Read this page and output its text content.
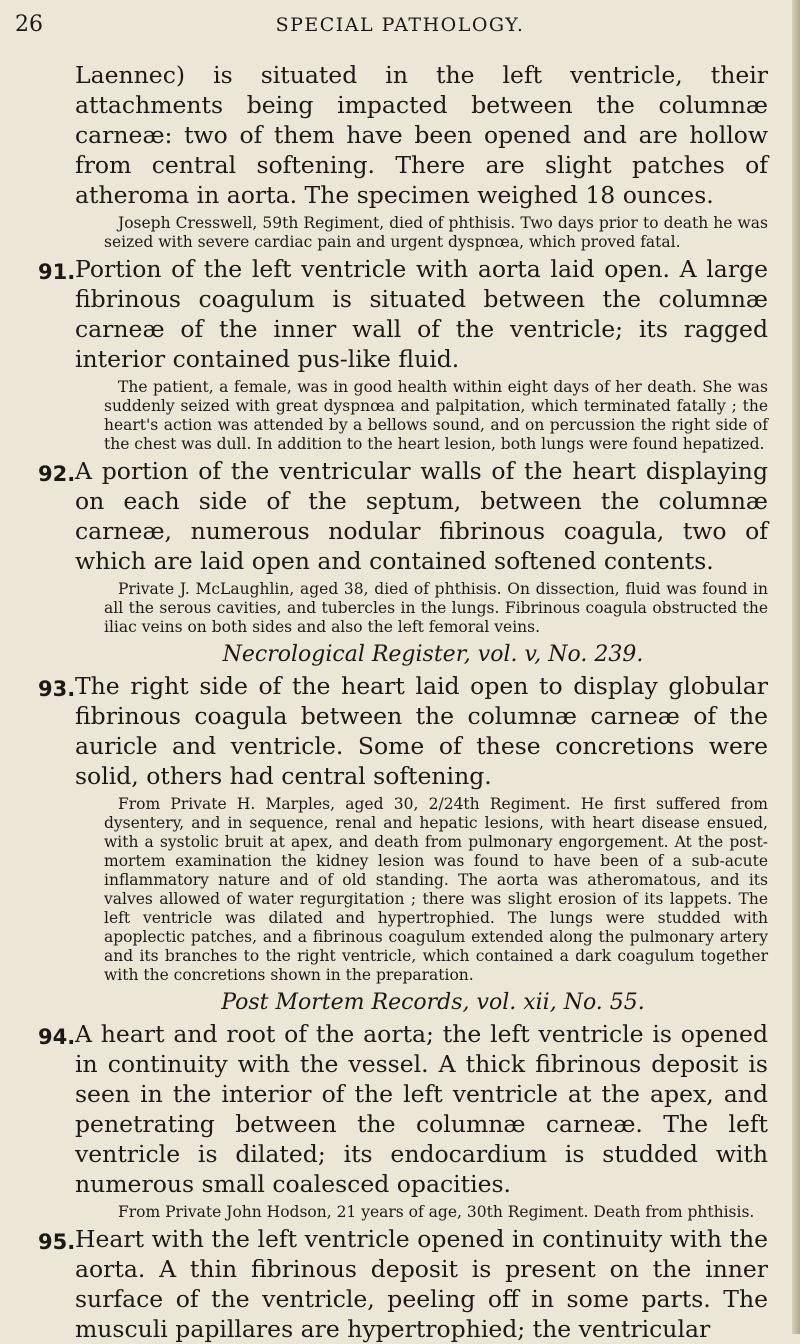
26	SPECIAL PATHOLOGY.

Laennec) is situated in the left ventricle, their attachments being impacted between the columnæ carneæ: two of them have been opened and are hollow from central softening. There are slight patches of atheroma in aorta. The specimen weighed 18 ounces.

Joseph Cresswell, 59th Regiment, died of phthisis. Two days prior to death he was seized with severe cardiac pain and urgent dyspnœa, which proved fatal.

91. Portion of the left ventricle with aorta laid open. A large fibrinous coagulum is situated between the columnæ carneæ of the inner wall of the ventricle; its ragged interior contained pus-like fluid.

The patient, a female, was in good health within eight days of her death. She was suddenly seized with great dyspnœa and palpitation, which terminated fatally ; the heart's action was attended by a bellows sound, and on percussion the right side of the chest was dull. In addition to the heart lesion, both lungs were found hepatized.

92. A portion of the ventricular walls of the heart displaying on each side of the septum, between the columnæ carneæ, numerous nodular fibrinous coagula, two of which are laid open and contained softened contents.

Private J. McLaughlin, aged 38, died of phthisis. On dissection, fluid was found in all the serous cavities, and tubercles in the lungs. Fibrinous coagula obstructed the iliac veins on both sides and also the left femoral veins.

Necrological Register, vol. v, No. 239.

93. The right side of the heart laid open to display globular fibrinous coagula between the columnæ carneæ of the auricle and ventricle. Some of these concretions were solid, others had central softening.

From Private H. Marples, aged 30, 2/24th Regiment. He first suffered from dysentery, and in sequence, renal and hepatic lesions, with heart disease ensued, with a systolic bruit at apex, and death from pulmonary engorgement. At the post-mortem examination the kidney lesion was found to have been of a sub-acute inflammatory nature and of old standing. The aorta was atheromatous, and its valves allowed of water regurgitation ; there was slight erosion of its lappets. The left ventricle was dilated and hypertrophied. The lungs were studded with apoplectic patches, and a fibrinous coagulum extended along the pulmonary artery and its branches to the right ventricle, which contained a dark coagulum together with the concretions shown in the preparation.

Post Mortem Records, vol. xii, No. 55.

94. A heart and root of the aorta; the left ventricle is opened in continuity with the vessel. A thick fibrinous deposit is seen in the interior of the left ventricle at the apex, and penetrating between the columnæ carneæ. The left ventricle is dilated; its endocardium is studded with numerous small coalesced opacities.

From Private John Hodson, 21 years of age, 30th Regiment. Death from phthisis.

95. Heart with the left ventricle opened in continuity with the aorta. A thin fibrinous deposit is present on the inner surface of the ventricle, peeling off in some parts. The musculi papillares are hypertrophied; the ventricular
